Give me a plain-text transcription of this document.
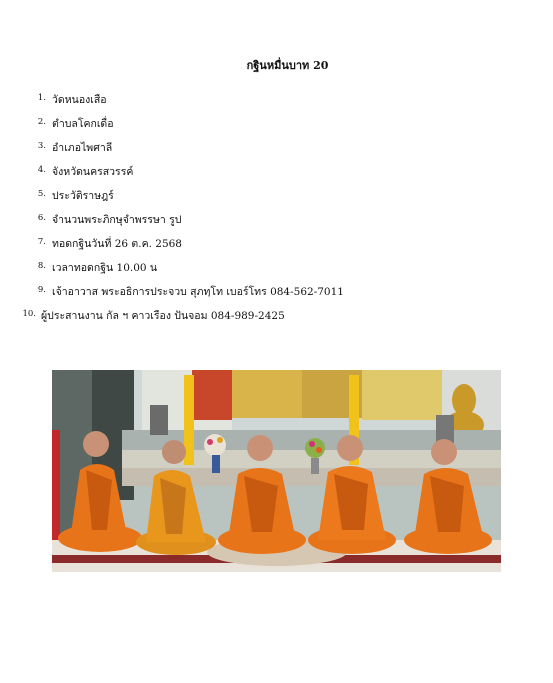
กฐินหมื่นบาท 20
1. วัดหนองเสือ
2. ตำบลโคกเดื่อ
3. อำเภอไพศาลี
4. จังหวัดนครสวรรค์
5. ประวัติราษฎร์
6. จำนวนพระภิกษุจำพรรษา รูป
7. ทอดกฐินวันที่ 26 ต.ค. 2568
8. เวลาทอดกฐิน 10.00 น
9. เจ้าอาวาส พระอธิการประจวบ สุภทฺโท เบอร์โทร 084-562-7011
10. ผู้ประสานงาน กัล ฯ คาวเรือง ปันจอม 084-989-2425
